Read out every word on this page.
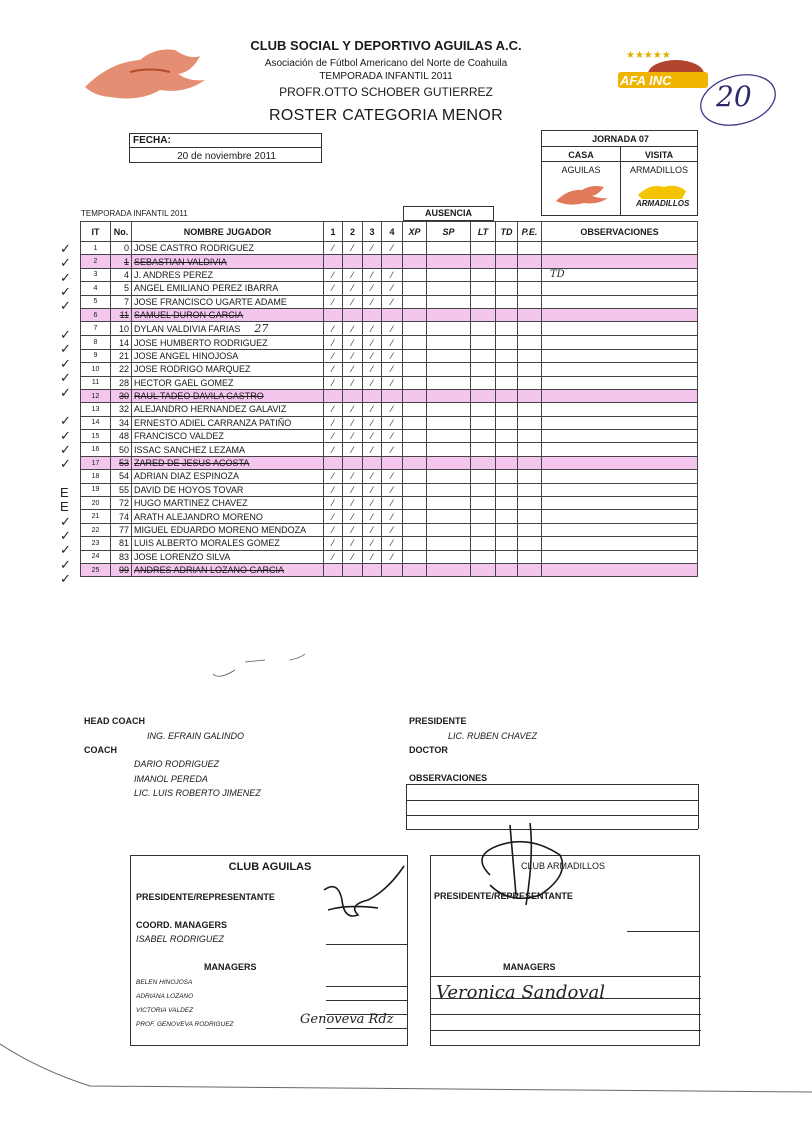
CLUB SOCIAL Y DEPORTIVO AGUILAS A.C.
Asociación de Fútbol Americano del Norte de Coahuila
TEMPORADA INFANTIL 2011
PROFR.OTTO SCHOBER GUTIERREZ
ROSTER CATEGORIA MENOR
★★★★★
AFA INC 20
FECHA:
20 de noviembre 2011
JORNADA 07
CASA	VISITA
AGUILAS	ARMADILLOS
ARMADILLOS
TEMPORADA INFANTIL 2011	AUSENCIA
IT	No.	NOMBRE JUGADOR	1	2	3	4	XP	SP	LT	TD	P.E.	OBSERVACIONES
1	0	JOSE CASTRO RODRIGUEZ	⁄	⁄	⁄	⁄						
2	1	SEBASTIAN VALDIVIA										
3	4	J. ANDRES PEREZ	⁄	⁄	⁄	⁄						TD
4	5	ANGEL EMILIANO PEREZ IBARRA	⁄	⁄	⁄	⁄						
5	7	JOSE FRANCISCO UGARTE ADAME	⁄	⁄	⁄	⁄						
6	11	SAMUEL DURON GARCIA										
7	10	DYLAN VALDIVIA FARIAS 27	⁄	⁄	⁄	⁄						
8	14	JOSE HUMBERTO RODRIGUEZ	⁄	⁄	⁄	⁄						
9	21	JOSE ANGEL HINOJOSA	⁄	⁄	⁄	⁄						
10	22	JOSE RODRIGO MARQUEZ	⁄	⁄	⁄	⁄						
11	28	HECTOR GAEL GOMEZ	⁄	⁄	⁄	⁄						
12	30	RAUL TADEO DAVILA CASTRO										
13	32	ALEJANDRO HERNANDEZ GALAVIZ	⁄	⁄	⁄	⁄						
14	34	ERNESTO ADIEL CARRANZA PATIÑO	⁄	⁄	⁄	⁄						
15	48	FRANCISCO VALDEZ	⁄	⁄	⁄	⁄						
16	50	ISSAC SANCHEZ LEZAMA	⁄	⁄	⁄	⁄						
17	53	ZARED DE JESUS ACOSTA										
18	54	ADRIAN DIAZ ESPINOZA	⁄	⁄	⁄	⁄						
19	55	DAVID DE HOYOS TOVAR	⁄	⁄	⁄	⁄						
20	72	HUGO MARTINEZ CHAVEZ	⁄	⁄	⁄	⁄						
21	74	ARATH ALEJANDRO MORENO	⁄	⁄	⁄	⁄						
22	77	MIGUEL EDUARDO MORENO MENDOZA	⁄	⁄	⁄	⁄						
23	81	LUIS ALBERTO MORALES GOMEZ	⁄	⁄	⁄	⁄						
24	83	JOSE LORENZO SILVA	⁄	⁄	⁄	⁄						
25	99	ANDRES ADRIAN LOZANO GARCIA										
✓
✓
✓
✓
✓
✓
✓
✓
✓
✓
✓
✓
✓
✓
E
E
✓
✓
✓
✓
✓
HEAD COACH
ING. EFRAIN GALINDO
COACH
DARIO RODRIGUEZ
IMANOL PEREDA
LIC. LUIS ROBERTO JIMENEZ
PRESIDENTE
LIC. RUBEN CHAVEZ
DOCTOR
OBSERVACIONES
CLUB AGUILAS
PRESIDENTE/REPRESENTANTE
COORD. MANAGERS
ISABEL RODRIGUEZ
MANAGERS
BELEN HINOJOSA
ADRIANA LOZANO
VICTORIA VALDEZ
PROF. GENOVEVA RODRIGUEZ	Genoveva Rdz
CLUB ARMADILLOS
PRESIDENTE/REPRESENTANTE
MANAGERS
Veronica Sandoval
